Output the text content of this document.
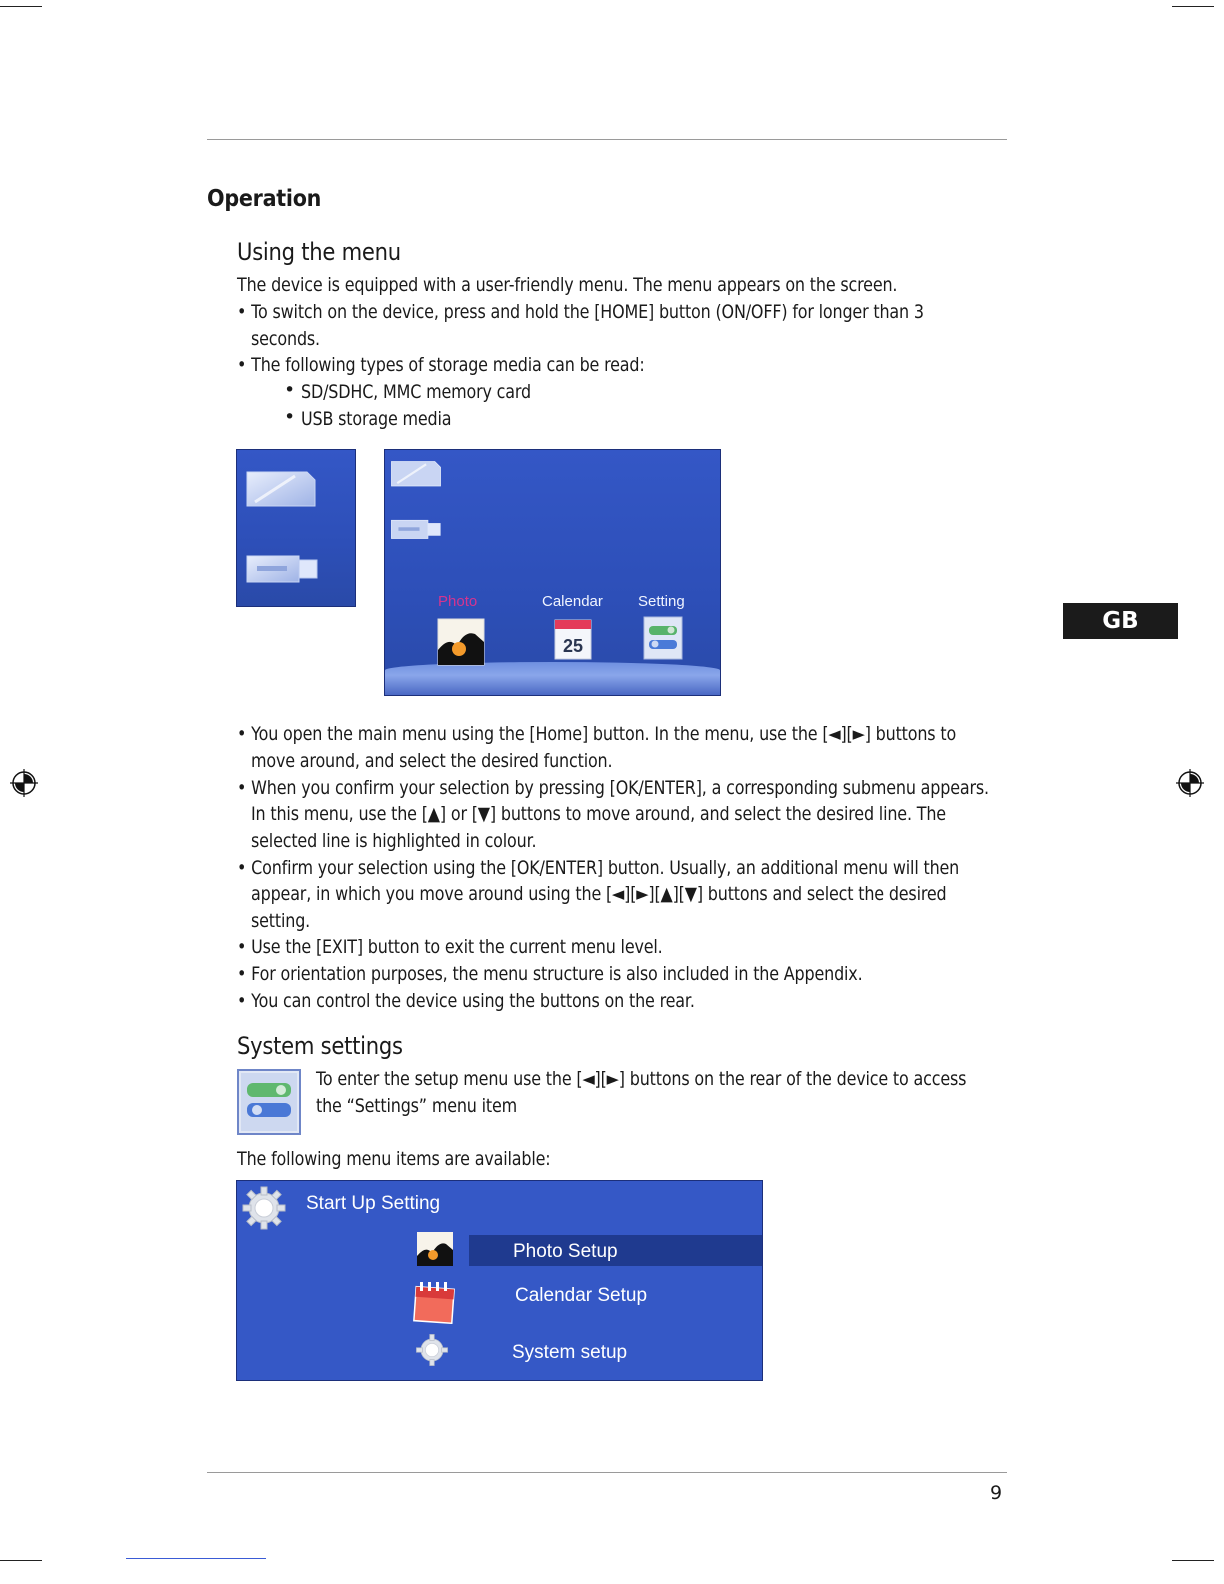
Operation
Using the menu
The device is equipped with a user-friendly menu. The menu appears on the screen.
• To switch on the device, press and hold the [HOME] button (ON/OFF) for longer than 3
seconds.
• The following types of storage media can be read:
• SD/SDHC, MMC memory card
• USB storage media
Photo	Calendar Setting
25
GB
• You open the main menu using the [Home] button. In the menu, use the [◄][►] buttons to
move around, and select the desired function.
• When you confirm your selection by pressing [OK/ENTER], a corresponding submenu appears.
In this menu, use the [▲] or [▼] buttons to move around, and select the desired line. The
selected line is highlighted in colour.
• Confirm your selection using the [OK/ENTER] button. Usually, an additional menu will then
appear, in which you move around using the [◄][►][▲][▼] buttons and select the desired
setting.
• Use the [EXIT] button to exit the current menu level.
• For orientation purposes, the menu structure is also included in the Appendix.
• You can control the device using the buttons on the rear.
System settings
To enter the setup menu use the [◄][►] buttons on the rear of the device to access
the “Settings” menu item
The following menu items are available:
Start Up Setting
Photo Setup
Calendar Setup
System setup
9
